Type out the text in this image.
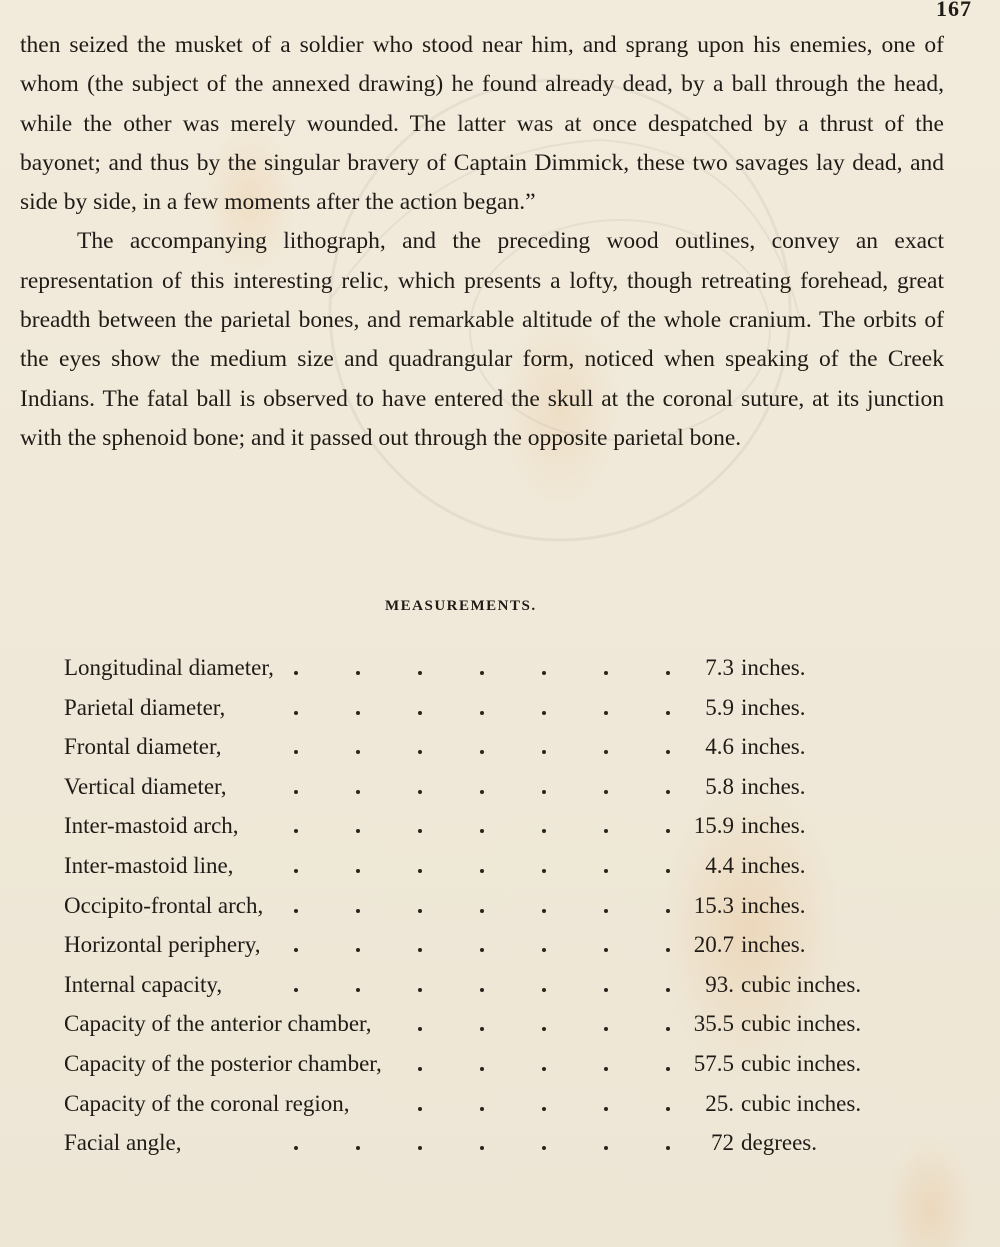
167

then seized the musket of a soldier who stood near him, and sprang upon his enemies, one of whom (the subject of the annexed drawing) he found already dead, by a ball through the head, while the other was merely wounded. The latter was at once despatched by a thrust of the bayonet; and thus by the singular bravery of Captain Dimmick, these two savages lay dead, and side by side, in a few moments after the action began.”

The accompanying lithograph, and the preceding wood outlines, convey an exact representation of this interesting relic, which presents a lofty, though retreating forehead, great breadth between the parietal bones, and remarkable altitude of the whole cranium. The orbits of the eyes show the medium size and quadrangular form, noticed when speaking of the Creek Indians. The fatal ball is observed to have entered the skull at the coronal suture, at its junction with the sphenoid bone; and it passed out through the opposite parietal bone.

MEASUREMENTS.
Longitudinal diameter,	7.3 inches.
Parietal diameter,	5.9 inches.
Frontal diameter,	4.6 inches.
Vertical diameter,	5.8 inches.
Inter-mastoid arch,	15.9 inches.
Inter-mastoid line,	4.4 inches.
Occipito-frontal arch,	15.3 inches.
Horizontal periphery,	20.7 inches.
Internal capacity,	93. cubic inches.
Capacity of the anterior chamber,	35.5 cubic inches.
Capacity of the posterior chamber,	57.5 cubic inches.
Capacity of the coronal region,	25. cubic inches.
Facial angle,	72 degrees.
